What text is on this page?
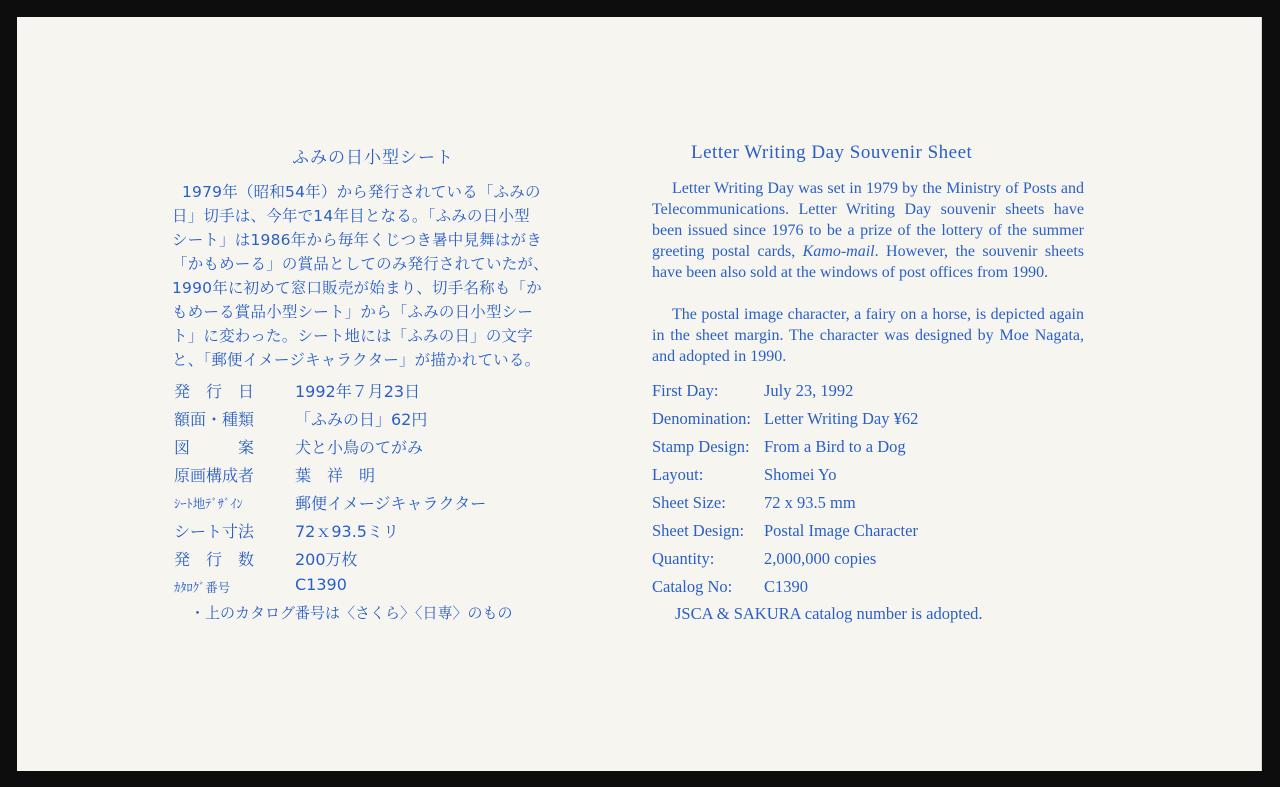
ふみの日小型シート
1979年（昭和54年）から発行されている「ふみの
日」切手は、今年で14年目となる。「ふみの日小型
シート」は1986年から毎年くじつき暑中見舞はがき
「かもめーる」の賞品としてのみ発行されていたが、
1990年に初めて窓口販売が始まり、切手名称も「か
もめーる賞品小型シート」から「ふみの日小型シー
ト」に変わった。シート地には「ふみの日」の文字
と、「郵便イメージキャラクター」が描かれている。
発　行　日	1992年７月23日
額面・種類	「ふみの日」62円
図　　　案	犬と小鳥のてがみ
原画構成者	葉　祥　明
ｼｰﾄ地ﾃﾞｻﾞｲﾝ	郵便イメージキャラクター
シート寸法	72ｘ93.5ミリ
発　行　数	200万枚
ｶﾀﾛｸﾞ番号	C1390
・上のカタログ番号は〈さくら〉〈日専〉のもの
Letter Writing Day Souvenir Sheet
Letter Writing Day was set in 1979 by the Ministry of Posts and Telecommunications. Letter Writing Day souvenir sheets have been issued since 1976 to be a prize of the lottery of the summer greeting postal cards, Kamo-mail. However, the souvenir sheets have been also sold at the windows of post offices from 1990.
The postal image character, a fairy on a horse, is depicted again in the sheet margin. The character was designed by Moe Nagata, and adopted in 1990.
First Day:	July 23, 1992
Denomination: Letter Writing Day ¥62
Stamp Design: From a Bird to a Dog
Layout:	Shomei Yo
Sheet Size: 72 x 93.5 mm
Sheet Design: Postal Image Character
Quantity:	2,000,000 copies
Catalog No: C1390
JSCA & SAKURA catalog number is adopted.
